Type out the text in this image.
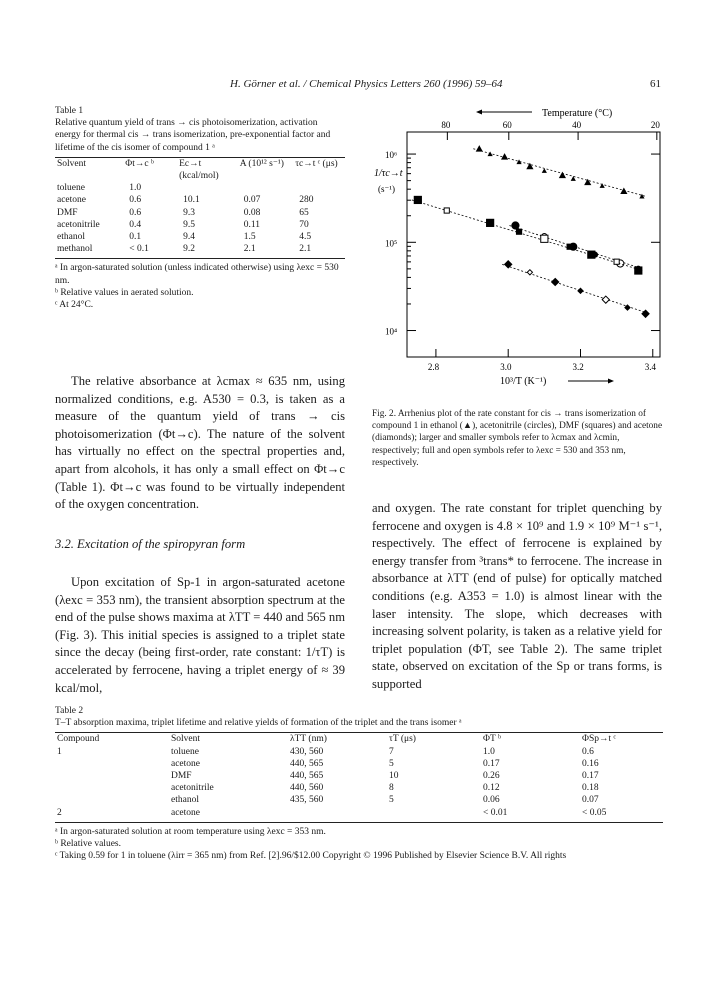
H. Görner et al. / Chemical Physics Letters 260 (1996) 59–64	61

Table 1

Relative quantum yield of trans → cis photoisomerization, activation energy for thermal cis → trans isomerization, pre-exponential factor and lifetime of the cis isomer of compound 1 ᵃ

Solvent	Φt→c ᵇ	Ec→t (kcal/mol)	A (10¹² s⁻¹)	τc→t ᶜ (μs)
toluene	1.0			
acetone	0.6	10.1	0.07	280
DMF	0.6	9.3	0.08	65
acetonitrile	0.4	9.5	0.11	70
ethanol	0.1	9.4	1.5	4.5
methanol	< 0.1	9.2	2.1	2.1

ᵃ In argon-saturated solution (unless indicated otherwise) using λexc = 530 nm.

ᵇ Relative values in aerated solution.

ᶜ At 24°C.

Temperature (°C)
2.8	3.0	3.2	3.4
80	60	40	20
10⁶
10⁵
10⁴
1/τc→t
(s⁻¹)
10³/T (K⁻¹)
Fig. 2. Arrhenius plot of the rate constant for cis → trans isomerization of compound 1 in ethanol (▲), acetonitrile (circles), DMF (squares) and acetone (diamonds); larger and smaller symbols refer to λcmax and λcmin, respectively; full and open symbols refer to λexc = 530 and 353 nm, respectively.
The relative absorbance at λcmax ≈ 635 nm, using normalized conditions, e.g. A530 = 0.3, is taken as a measure of the quantum yield of trans → cis photoisomerization (Φt→c). The nature of the solvent has virtually no effect on the spectral properties and, apart from alcohols, it has only a small effect on Φt→c (Table 1). Φt→c was found to be virtually independent of the oxygen concentration.
3.2. Excitation of the spiropyran form
Upon excitation of Sp-1 in argon-saturated acetone (λexc = 353 nm), the transient absorption spectrum at the end of the pulse shows maxima at λTT = 440 and 565 nm (Fig. 3). This initial species is assigned to a triplet state since the decay (being first-order, rate constant: 1/τT) is accelerated by ferrocene, having a triplet energy of ≈ 39 kcal/mol,
and oxygen. The rate constant for triplet quenching by ferrocene and oxygen is 4.8 × 10⁹ and 1.9 × 10⁹ M⁻¹ s⁻¹, respectively. The effect of ferrocene is explained by energy transfer from ³trans* to ferrocene. The increase in absorbance at λTT (end of pulse) for optically matched conditions (e.g. A353 = 1.0) is almost linear with the laser intensity. The slope, which decreases with increasing solvent polarity, is taken as a relative yield for triplet population (ΦT, see Table 2). The same triplet state, observed on excitation of the Sp or trans forms, is supported
Table 2
T–T absorption maxima, triplet lifetime and relative yields of formation of the triplet and the trans isomer ᵃ
Compound	Solvent	λTT (nm)	τT (μs)	ΦT ᵇ	ΦSp→t ᶜ
1	toluene	430, 560	7	1.0	0.6
	acetone	440, 565	5	0.17	0.16
	DMF	440, 565	10	0.26	0.17
	acetonitrile	440, 560	8	0.12	0.18
	ethanol	435, 560	5	0.06	0.07
2	acetone			< 0.01	< 0.05

ᵃ In argon-saturated solution at room temperature using λexc = 353 nm.

ᵇ Relative values.

ᶜ Taking 0.59 for 1 in toluene (λirr = 365 nm) from Ref. [2].96/$12.00 Copyright © 1996 Published by Elsevier Science B.V. All rights
